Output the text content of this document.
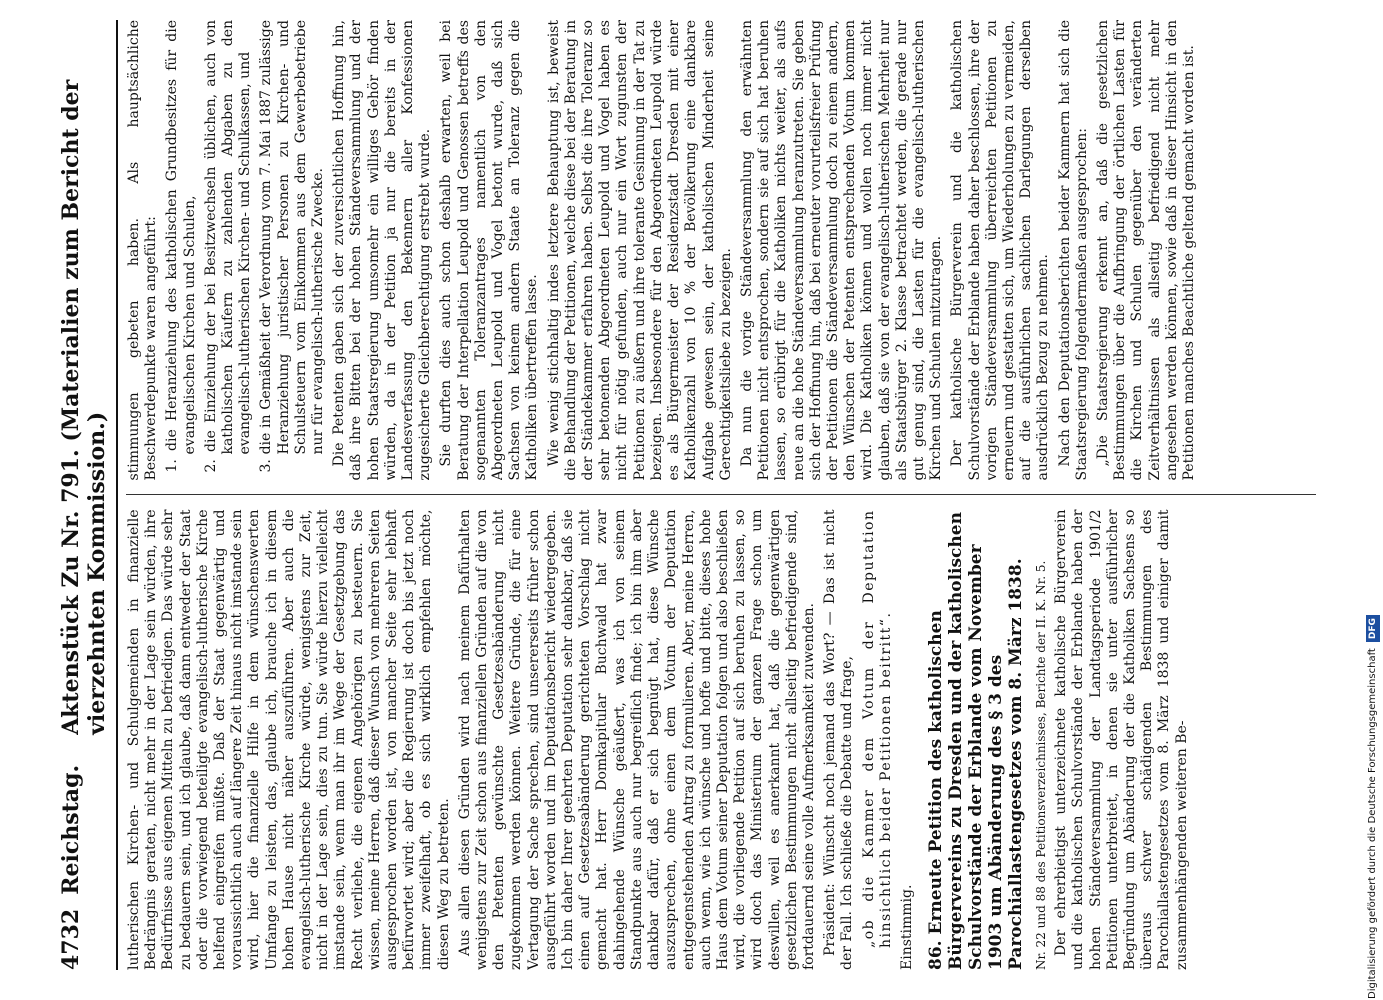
4732
Reichstag.
Aktenstück Zu Nr. 791. (Materialien zum Bericht der vierzehnten Kommission.) lutherischen Kirchen- und Schulgemeinden in finanzielle Bedrängnis geraten, nicht mehr in der Lage sein würden, ihre Bedürfnisse aus eigenen Mitteln zu befriedigen. Das würde sehr zu bedauern sein, und ich glaube, daß dann entweder der Staat oder die vorwiegend beteiligte evangelisch-lutherische Kirche helfend eingreifen müßte. Daß der Staat gegenwärtig und voraussichtlich auch auf längere Zeit hinaus nicht imstande sein wird, hier die finanzielle Hilfe in dem wünschenswerten Umfange zu leisten, das, glaube ich, brauche ich in diesem hohen Hause nicht näher auszuführen. Aber auch die evangelisch-lutherische Kirche würde, wenigstens zur Zeit, nicht in der Lage sein, dies zu tun. Sie würde hierzu vielleicht imstande sein, wenn man ihr im Wege der Gesetzgebung das Recht verliehe, die eigenen Angehörigen zu besteuern. Sie wissen, meine Herren, daß dieser Wunsch von mehreren Seiten ausgesprochen worden ist, von mancher Seite sehr lebhaft befürwortet wird; aber die Regierung ist doch bis jetzt noch immer zweifelhaft, ob es sich wirklich empfehlen möchte, diesen Weg zu betreten. Aus allen diesen Gründen wird nach meinem Dafürhalten wenigstens zur Zeit schon aus finanziellen Gründen auf die von den Petenten gewünschte Gesetzesabänderung nicht zugekommen werden können. Weitere Gründe, die für eine Vertagung der Sache sprechen, sind unsererseits früher schon ausgeführt worden und im Deputationsbericht wiedergegeben. Ich bin daher Ihrer geehrten Deputation sehr dankbar, daß sie einen auf Gesetzesabänderung gerichteten Vorschlag nicht gemacht hat. Herr Domkapitular Buchwald hat zwar dahingehende Wünsche geäußert, was ich von seinem Standpunkte aus auch nur begreiflich finde; ich bin ihm aber dankbar dafür, daß er sich begnügt hat, diese Wünsche auszusprechen, ohne einen dem Votum der Deputation entgegenstehenden Antrag zu formulieren. Aber, meine Herren, auch wenn, wie ich wünsche und hoffe und bitte, dieses hohe Haus dem Votum seiner Deputation folgen und also beschließen wird, die vorliegende Petition auf sich beruhen zu lassen, so wird doch das Ministerium der ganzen Frage schon um deswillen, weil es anerkannt hat, daß die gegenwärtigen gesetzlichen Bestimmungen nicht allseitig befriedigende sind, fortdauernd seine volle Aufmerksamkeit zuwenden. Präsident: Wünscht noch jemand das Wort? — Das ist nicht der Fall. Ich schließe die Debatte und frage, „ob die Kammer dem Votum der Deputation hinsichtlich beider Petitionen beitritt“. Einstimmig. 86. Erneute Petition des katholischen Bürgervereins zu Dresden und der katholischen Schulvorstände der Erblande vom November 1903 um Abänderung des § 3 des Parochiallastengesetzes vom 8. März 1838. Nr. 22 und 88 des Petitionsverzeichnisses, Berichte der II. K. Nr. 5. Der ehrerbietigst unterzeichnete katholische Bürgerverein und die katholischen Schulvorstände der Erblande haben der hohen Ständeversammlung der Landtagsperiode 1901/2 Petitionen unterbreitet, in denen sie unter ausführlicher Begründung um Abänderung der die Katholiken Sachsens so überaus schwer schädigenden Bestimmungen des Parochiallastengesetzes vom 8. März 1838 und einiger damit zusammenhängenden weiteren Be-

stimmungen gebeten haben. Als hauptsächliche Beschwerdepunkte waren angeführt: 1. die Heranziehung des katholischen Grundbesitzes für die evangelischen Kirchen und Schulen, 2. die Einziehung der bei Besitzwechseln üblichen, auch von katholischen Käufern zu zahlenden Abgaben zu den evangelisch-lutherischen Kirchen- und Schulkassen, und 3. die in Gemäßheit der Verordnung vom 7. Mai 1887 zulässige Heranziehung juristischer Personen zu Kirchen- und Schulsteuern vom Einkommen aus dem Gewerbebetriebe nur für evangelisch-lutherische Zwecke. Die Petenten gaben sich der zuversichtlichen Hoffnung hin, daß ihre Bitten bei der hohen Ständeversammlung und der hohen Staatsregierung umsomehr ein williges Gehör finden würden, da in der Petition ja nur die bereits in der Landesverfassung den Bekennern aller Konfessionen zugesicherte Gleichberechtigung erstrebt wurde. Sie durften dies auch schon deshalb erwarten, weil bei Beratung der Interpellation Leupold und Genossen betreffs des sogenannten Toleranzantrages namentlich von den Abgeordneten Leupold und Vogel betont wurde, daß sich Sachsen von keinem andern Staate an Toleranz gegen die Katholiken übertreffen lasse. Wie wenig stichhaltig indes letztere Behauptung ist, beweist die Behandlung der Petitionen, welche diese bei der Beratung in der Ständekammer erfahren haben. Selbst die ihre Toleranz so sehr betonenden Abgeordneten Leupold und Vogel haben es nicht für nötig gefunden, auch nur ein Wort zugunsten der Petitionen zu äußern und ihre tolerante Gesinnung in der Tat zu bezeigen. Insbesondere für den Abgeordneten Leupold würde es als Bürgermeister der Residenzstadt Dresden mit einer Katholikenzahl von 10 % der Bevölkerung eine dankbare Aufgabe gewesen sein, der katholischen Minderheit seine Gerechtigkeitsliebe zu bezeigen. Da nun die vorige Ständeversammlung den erwähnten Petitionen nicht entsprochen, sondern sie auf sich hat beruhen lassen, so erübrigt für die Katholiken nichts weiter, als aufs neue an die hohe Ständeversammlung heranzutreten. Sie geben sich der Hoffnung hin, daß bei erneuter vorurteilsfreier Prüfung der Petitionen die Ständeversammlung doch zu einem andern, den Wünschen der Petenten entsprechenden Votum kommen wird. Die Katholiken können und wollen noch immer nicht glauben, daß sie von der evangelisch-lutherischen Mehrheit nur als Staatsbürger 2. Klasse betrachtet werden, die gerade nur gut genug sind, die Lasten für die evangelisch-lutherischen Kirchen und Schulen mitzutragen. Der katholische Bürgerverein und die katholischen Schulvorstände der Erblande haben daher beschlossen, ihre der vorigen Ständeversammlung überreichten Petitionen zu erneuern und gestatten sich, um Wiederholungen zu vermeiden, auf die ausführlichen sachlichen Darlegungen derselben ausdrücklich Bezug zu nehmen. Nach den Deputationsberichten beider Kammern hat sich die Staatsregierung folgendermaßen ausgesprochen: „Die Staatsregierung erkennt an, daß die gesetzlichen Bestimmungen über die Aufbringung der örtlichen Lasten für die Kirchen und Schulen gegenüber den veränderten Zeitverhältnissen als allseitig befriedigend nicht mehr angesehen werden können, sowie daß in dieser Hinsicht in den Petitionen manches Beachtliche geltend gemacht worden ist.

Digitalisierung gefördert durch die Deutsche Forschungsgemeinschaft
DFG
